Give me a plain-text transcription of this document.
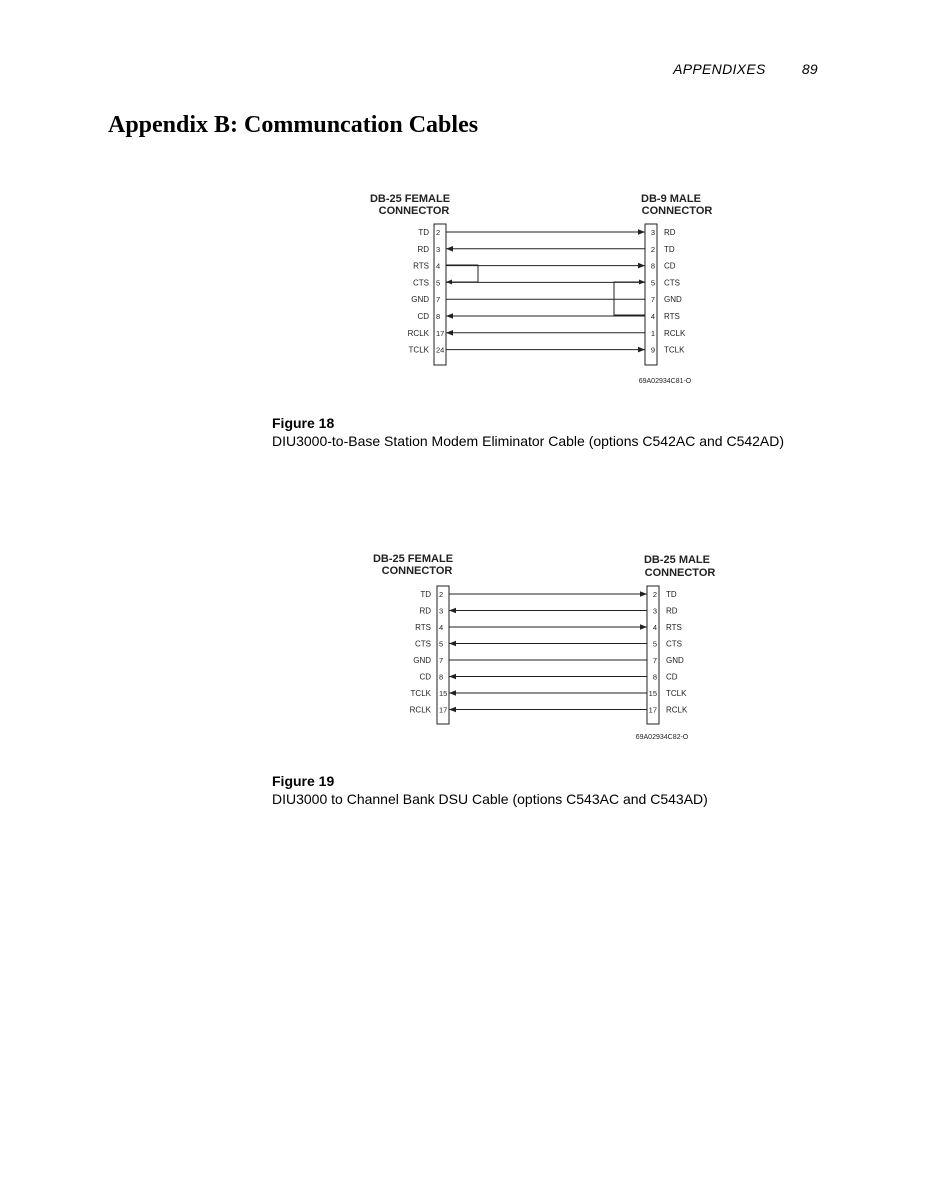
APPENDIXES	89
Appendix B: Communcation Cables
DB-25 FEMALE
CONNECTOR
DB-9 MALE
CONNECTOR
TD 2	3 RD
RD 3	2 TD
RTS 4	8 CD
CTS 5	5 CTS
GND 7	7 GND
CD 8	4 RTS
RCLK 17	1 RCLK
TCLK 24	9 TCLK
69A02934C81-O

Figure 18

DIU3000-to-Base Station Modem Eliminator Cable (options C542AC and C542AD)

DB-25 FEMALE
CONNECTOR
DB-25 MALE
CONNECTOR
TD 2	2 TD
RD 3	3 RD
RTS 4	4 RTS
CTS 5	5 CTS
GND 7	7 GND
CD 8	8 CD
TCLK 15	15 TCLK
RCLK 17	17 RCLK
69A02934C82-O

Figure 19

DIU3000 to Channel Bank DSU Cable (options C543AC and C543AD)
